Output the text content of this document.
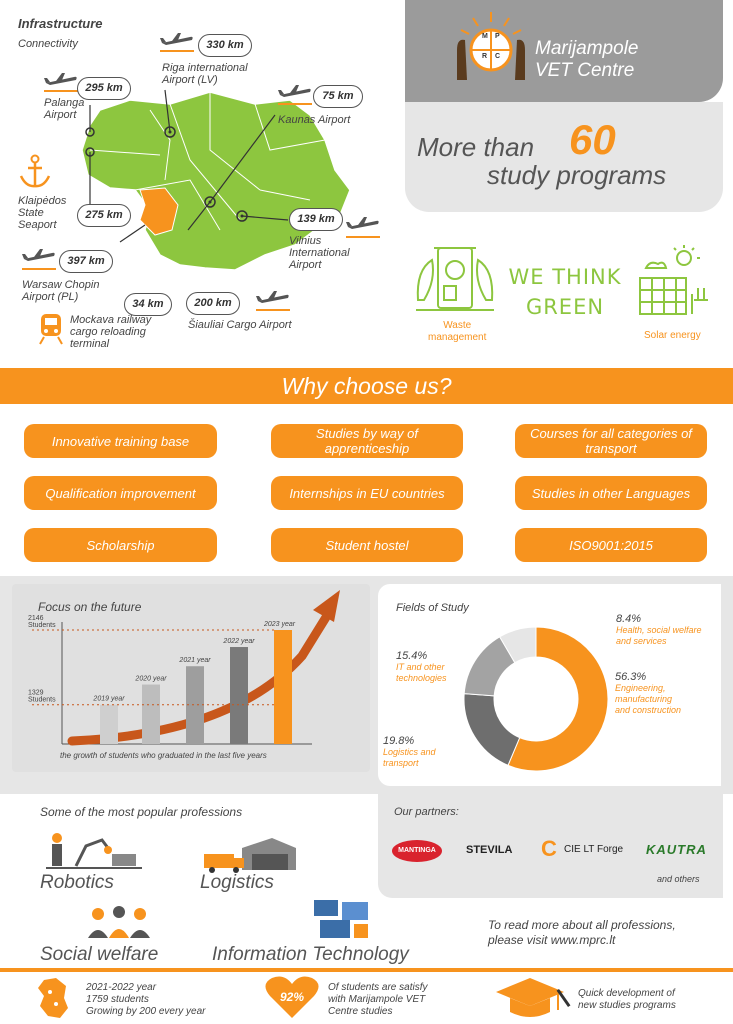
Infrastructure
Connectivity	330 km
Riga international
Airport (LV)
295 km
Palanga
Airport
75 km
Kaunas Airport
Klaipėdos
State
Seaport
275 km	139 km
Vilnius
International
Airport
397 km
Warsaw Chopin
Airport (PL)
34 km
Mockava railway
cargo reloading
terminal
200 km
Šiauliai Cargo Airport
M P
R C Marijampole
VET Centre
More than 60
study programs
Waste
management
WE THINK
GREEN
Solar energy
Why choose us?
Innovative training base	Studies by way of apprenticeship
Courses for all categories of transport
Qualification improvement	Internships in EU countries	Studies in other Languages
Scholarship	Student hostel	ISO9001:2015
Focus on the future
2019 year
2020 year
2021 year
2022 year
2023 year
2146
Students
1329
Students
the growth of students who graduated in the last five years
Fields of Study
56.3%
Engineering,
manufacturing
and construction
19.8%
Logistics and
transport
15.4%
IT and other
technologies
8.4%
Health, social welfare
and services
Some of the most popular professions
Robotics	Logistics
Social welfare	Information Technology
Our partners:
MANTINGA	STEVILA C CIE LT Forge KAUTRA
and others
To read more about all professions,
please visit www.mprc.lt
2021-2022 year
1759 students
Growing by 200 every year
92%
Of students are satisfy
with Marijampole VET
Centre studies
Quick development of
new studies programs
